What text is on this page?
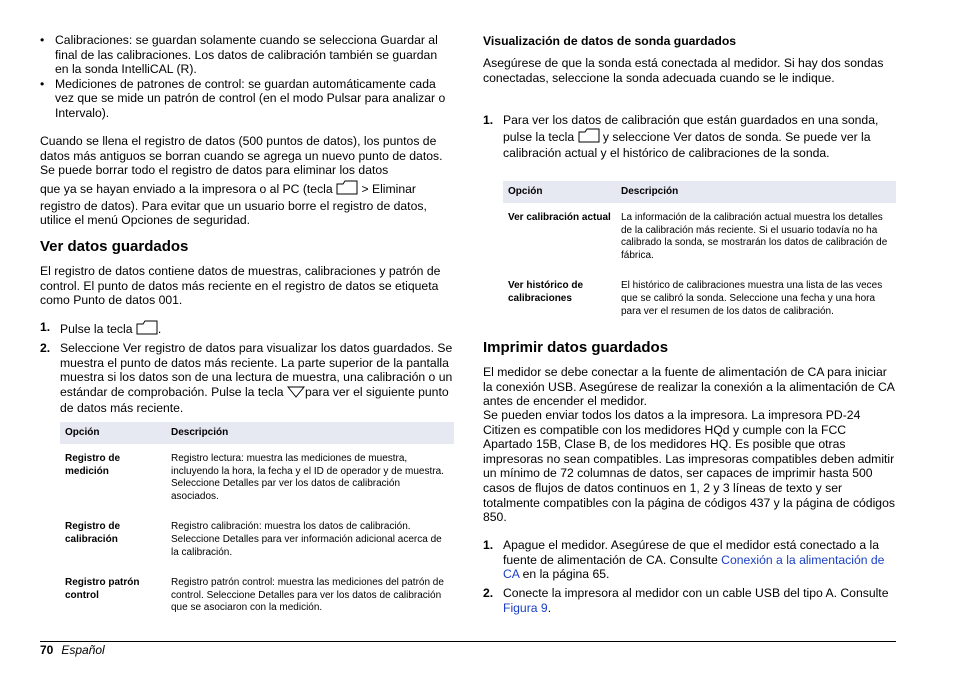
• Calibraciones: se guardan solamente cuando se selecciona Guardar al final de las calibraciones. Los datos de calibración también se guardan en la sonda IntelliCAL (R).
• Mediciones de patrones de control: se guardan automáticamente cada vez que se mide un patrón de control (en el modo Pulsar para analizar o Intervalo).

Cuando se llena el registro de datos (500 puntos de datos), los puntos de datos más antiguos se borran cuando se agrega un nuevo punto de datos. Se puede borrar todo el registro de datos para eliminar los datos

que ya se hayan enviado a la impresora o al PC (tecla  > Eliminar registro de datos). Para evitar que un usuario borre el registro de datos, utilice el menú Opciones de seguridad.

Ver datos guardados

El registro de datos contiene datos de muestras, calibraciones y patrón de control. El punto de datos más reciente en el registro de datos se etiqueta como Punto de datos 001.

1. Pulse la tecla .
2. Seleccione Ver registro de datos para visualizar los datos guardados. Se muestra el punto de datos más reciente. La parte superior de la pantalla muestra si los datos son de una lectura de muestra, una calibración o un estándar de comprobación. Pulse la tecla para ver el siguiente punto de datos más reciente.
Opción	Descripción
Registro de medición	Registro lectura: muestra las mediciones de muestra, incluyendo la hora, la fecha y el ID de operador y de muestra. Seleccione Detalles par ver los datos de calibración asociados.
Registro de calibración	Registro calibración: muestra los datos de calibración. Seleccione Detalles para ver información adicional acerca de la calibración.
Registro patrón control	Registro patrón control: muestra las mediciones del patrón de control. Seleccione Detalles para ver los datos de calibración que se asociaron con la medición.
Visualización de datos de sonda guardados

Asegúrese de que la sonda está conectada al medidor. Si hay dos sondas conectadas, seleccione la sonda adecuada cuando se le indique.

1. Para ver los datos de calibración que están guardados en una sonda, pulse la tecla  y seleccione Ver datos de sonda. Se puede ver la calibración actual y el histórico de calibraciones de la sonda.
Opción	Descripción
Ver calibración actual	La información de la calibración actual muestra los detalles de la calibración más reciente. Si el usuario todavía no ha calibrado la sonda, se mostrarán los datos de calibración de fábrica.
Ver histórico de calibraciones	El histórico de calibraciones muestra una lista de las veces que se calibró la sonda. Seleccione una fecha y una hora para ver el resumen de los datos de calibración.
Imprimir datos guardados

El medidor se debe conectar a la fuente de alimentación de CA para iniciar la conexión USB. Asegúrese de realizar la conexión a la alimentación de CA antes de encender el medidor.

Se pueden enviar todos los datos a la impresora. La impresora PD-24 Citizen es compatible con los medidores HQd y cumple con la FCC Apartado 15B, Clase B, de los medidores HQ. Es posible que otras impresoras no sean compatibles. Las impresoras compatibles deben admitir un mínimo de 72 columnas de datos, ser capaces de imprimir hasta 500 casos de flujos de datos continuos en 1, 2 y 3 líneas de texto y ser totalmente compatibles con la página de códigos 437 y la página de códigos 850.

1. Apague el medidor. Asegúrese de que el medidor está conectado a la fuente de alimentación de CA. Consulte Conexión a la alimentación de CA en la página 65.
2. Conecte la impresora al medidor con un cable USB del tipo A. Consulte Figura 9.
70 Español
